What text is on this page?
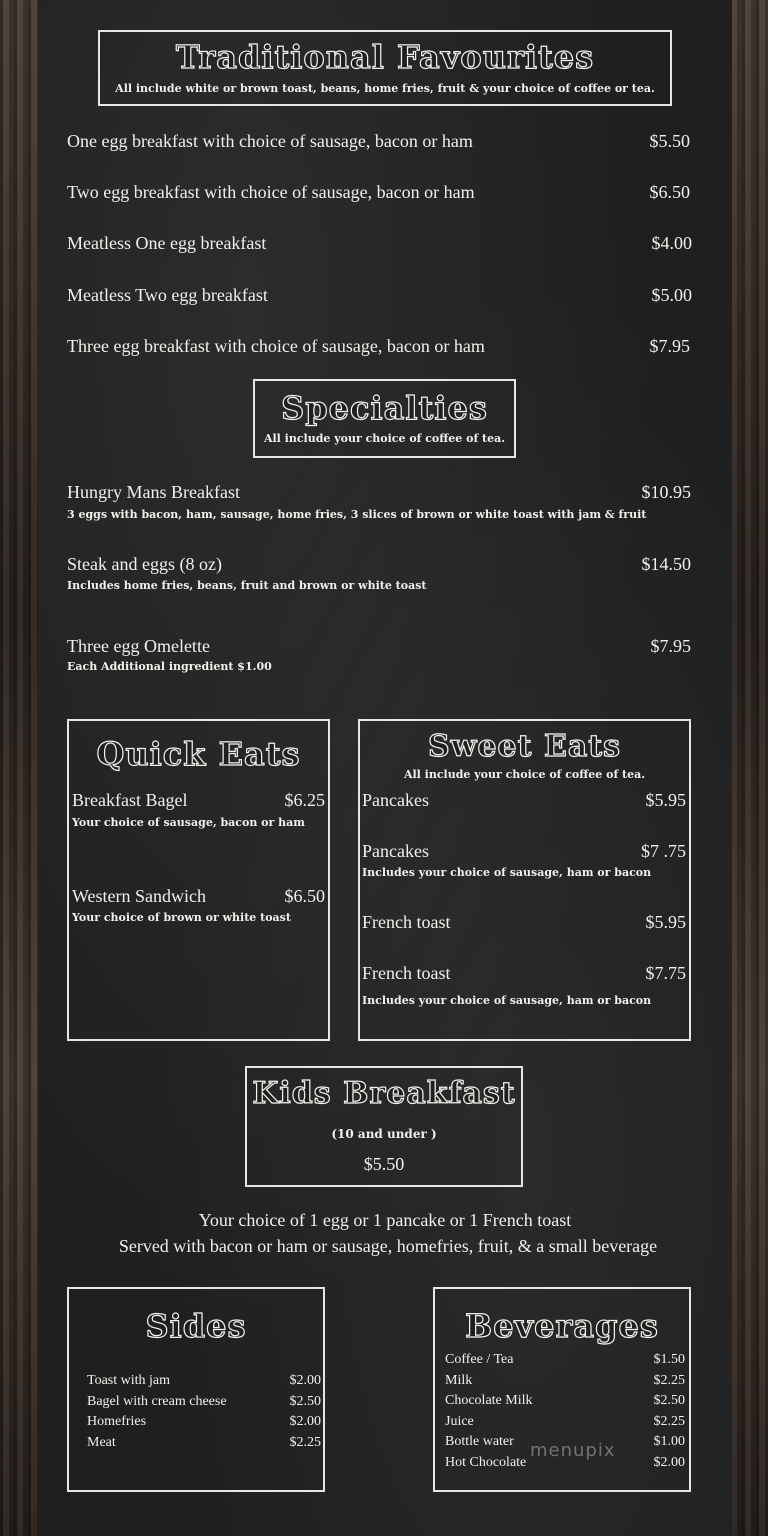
Traditional Favourites
All include white or brown toast, beans, home fries, fruit & your choice of coffee or tea.
One egg breakfast with choice of sausage, bacon or ham	$5.50
Two egg breakfast with choice of sausage, bacon or ham	$6.50
Meatless One egg breakfast	$4.00
Meatless Two egg breakfast	$5.00
Three egg breakfast with choice of sausage, bacon or ham	$7.95
Specialties
All include your choice of coffee of tea.
Hungry Mans Breakfast	$10.95
3 eggs with bacon, ham, sausage, home fries, 3 slices of brown or white toast with jam & fruit
Steak and eggs (8 oz)	$14.50
Includes home fries, beans, fruit and brown or white toast
Three egg Omelette	$7.95
Each Additional ingredient $1.00
Quick Eats
Breakfast Bagel	$6.25
Your choice of sausage, bacon or ham
Western Sandwich	$6.50
Your choice of brown or white toast
Sweet Eats
All include your choice of coffee of tea.
Pancakes	$5.95
Pancakes	$7 .75
Includes your choice of sausage, ham or bacon
French toast	$5.95
French toast	$7.75
Includes your choice of sausage, ham or bacon
Kids Breakfast
(10 and under )
$5.50
Your choice of 1 egg or 1 pancake or 1 French toast
Served with bacon or ham or sausage, homefries, fruit, & a small beverage
Sides
Toast with jam	$2.00
Bagel with cream cheese	$2.50
Homefries	$2.00
Meat	$2.25
Beverages
Coffee / Tea	$1.50
Milk	$2.25
Chocolate Milk	$2.50
Juice	$2.25
Bottle water	$1.00
Hot Chocolate	$2.00
menupix
